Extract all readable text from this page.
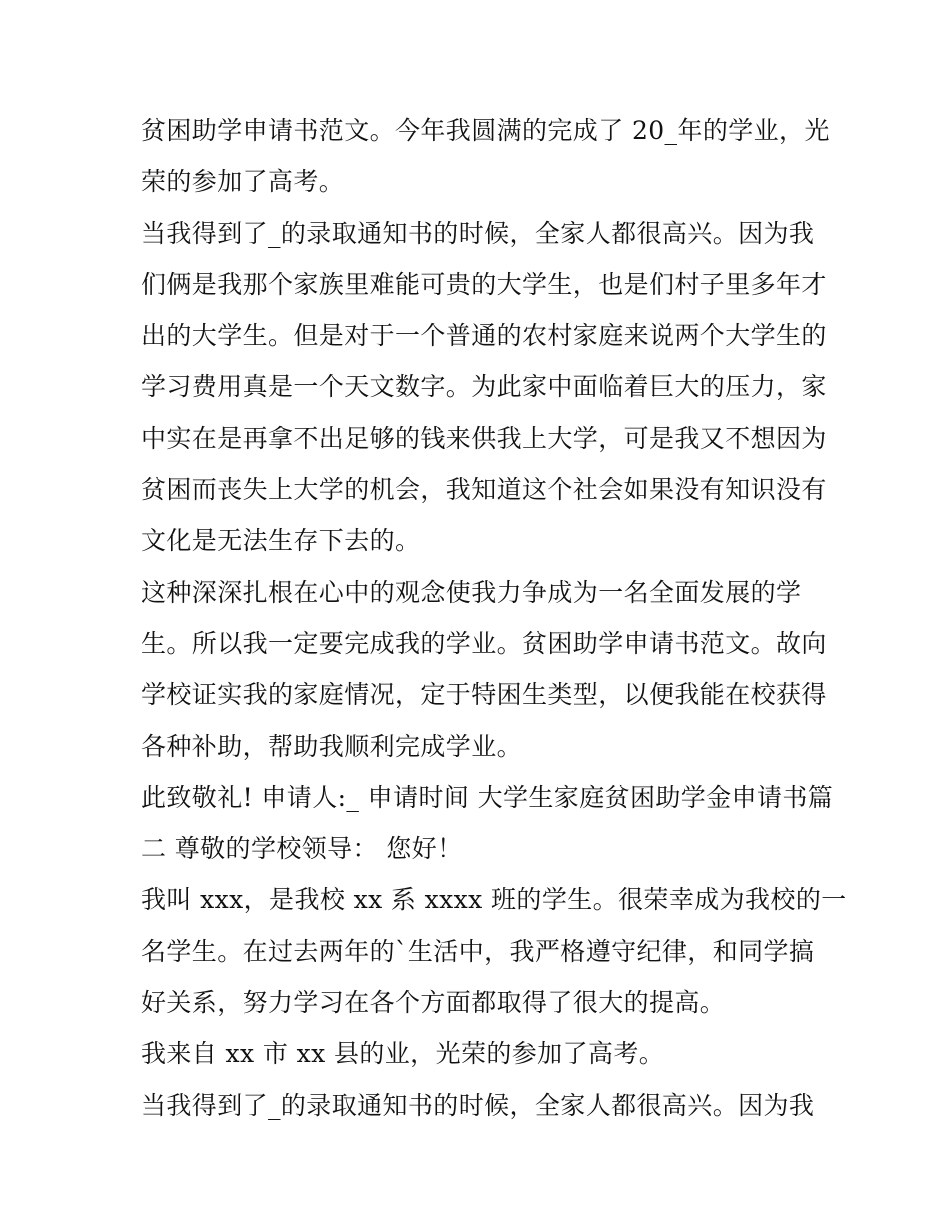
贫困助学申请书范文。今年我圆满的完成了 20_年的学业，光
荣的参加了高考。
当我得到了_的录取通知书的时候，全家人都很高兴。因为我
们俩是我那个家族里难能可贵的大学生，也是们村子里多年才
出的大学生。但是对于一个普通的农村家庭来说两个大学生的
学习费用真是一个天文数字。为此家中面临着巨大的压力，家
中实在是再拿不出足够的钱来供我上大学，可是我又不想因为
贫困而丧失上大学的机会，我知道这个社会如果没有知识没有
文化是无法生存下去的。
这种深深扎根在心中的观念使我力争成为一名全面发展的学
生。所以我一定要完成我的学业。贫困助学申请书范文。故向
学校证实我的家庭情况，定于特困生类型，以便我能在校获得
各种补助，帮助我顺利完成学业。
此致敬礼! 申请人:_ 申请时间 大学生家庭贫困助学金申请书篇
二 尊敬的学校领导： 您好！
我叫 xxx，是我校 xx 系 xxxx 班的学生。很荣幸成为我校的一
名学生。在过去两年的`生活中，我严格遵守纪律，和同学搞
好关系，努力学习在各个方面都取得了很大的提高。
我来自 xx 市 xx 县的业，光荣的参加了高考。
当我得到了_的录取通知书的时候，全家人都很高兴。因为我
